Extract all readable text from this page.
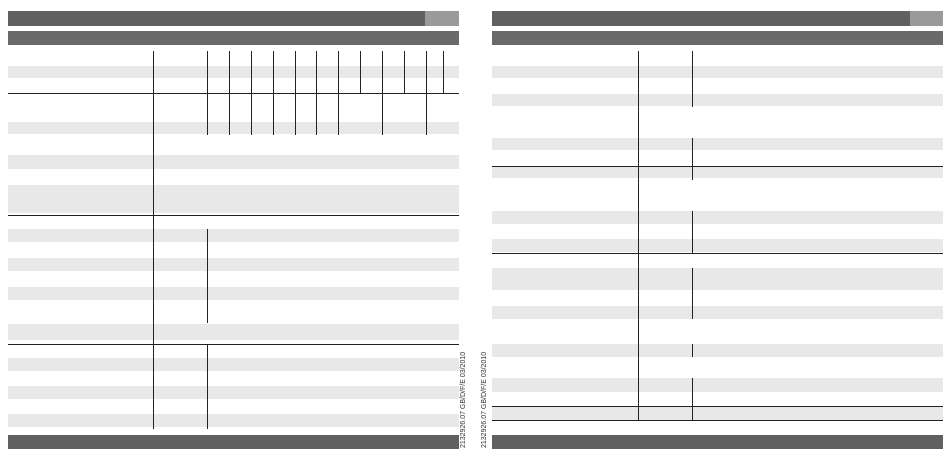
2132926.07 GB/D/F/E 03/2010 2132926.07 GB/D/F/E 03/2010
